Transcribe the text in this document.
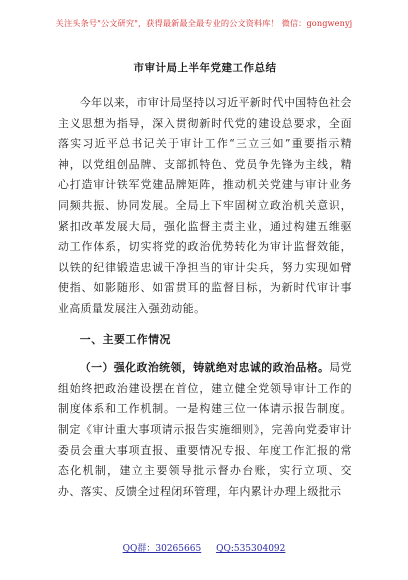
关注头条号"公文研究"，获得最新最全最专业的公文资料库！ 微信：gongwenyj
市审计局上半年党建工作总结

今年以来，市审计局坚持以习近平新时代中国特色社会主义思想为指导，深入贯彻新时代党的建设总要求，全面落实习近平总书记关于审计工作“三立三如”重要指示精神，以党组创品牌、支部抓特色、党员争先锋为主线，精心打造审计铁军党建品牌矩阵，推动机关党建与审计业务同频共振、协同发展。全局上下牢固树立政治机关意识，紧扣改革发展大局，强化监督主责主业，通过构建五维驱动工作体系，切实将党的政治优势转化为审计监督效能，以铁的纪律锻造忠诚干净担当的审计尖兵，努力实现如臂使指、如影随形、如雷贯耳的监督目标，为新时代审计事业高质量发展注入强劲动能。

一、主要工作情况

（一）强化政治统领，铸就绝对忠诚的政治品格。局党组始终把政治建设摆在首位，建立健全党领导审计工作的制度体系和工作机制。一是构建三位一体请示报告制度。制定《审计重大事项请示报告实施细则》，完善向党委审计委员会重大事项直报、重要情况专报、年度工作汇报的常态化机制，建立主要领导批示督办台账，实行立项、交办、落实、反馈全过程闭环管理，年内累计办理上级批示

QQ群：30265665 QQ:535304092
